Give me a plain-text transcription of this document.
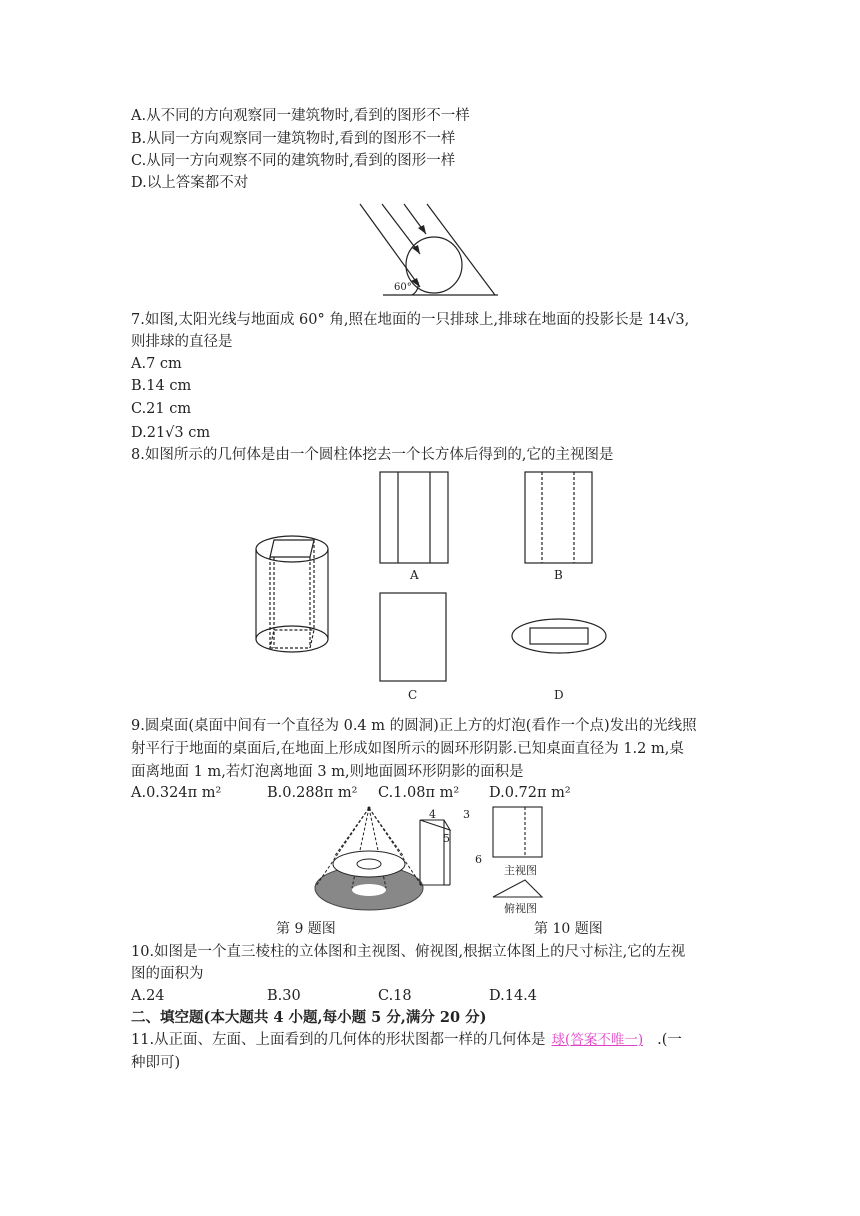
A.从不同的方向观察同一建筑物时,看到的图形不一样
B.从同一方向观察同一建筑物时,看到的图形不一样
C.从同一方向观察不同的建筑物时,看到的图形一样
D.以上答案都不对
60°
7.如图,太阳光线与地面成 60° 角,照在地面的一只排球上,排球在地面的投影长是 14√3,
则排球的直径是
A.7 cm
B.14 cm
C.21 cm
D.21√3 cm
8.如图所示的几何体是由一个圆柱体挖去一个长方体后得到的,它的主视图是
A	B
C	D
9.圆桌面(桌面中间有一个直径为 0.4 m 的圆洞)正上方的灯泡(看作一个点)发出的光线照
射平行于地面的桌面后,在地面上形成如图所示的圆环形阴影.已知桌面直径为 1.2 m,桌
面离地面 1 m,若灯泡离地面 3 m,则地面圆环形阴影的面积是
A.0.324π m²	B.0.288π m² C.1.08π m² D.0.72π m²
4 3
5
6
主视图
俯视图
第 9 题图	第 10 题图
10.如图是一个直三棱柱的立体图和主视图、俯视图,根据立体图上的尺寸标注,它的左视
图的面积为
A.24	B.30	C.18	D.14.4
二、填空题(本大题共 4 小题,每小题 5 分,满分 20 分)
11.从正面、左面、上面看到的几何体的形状图都一样的几何体是 球(答案不唯一) .(一
种即可)
